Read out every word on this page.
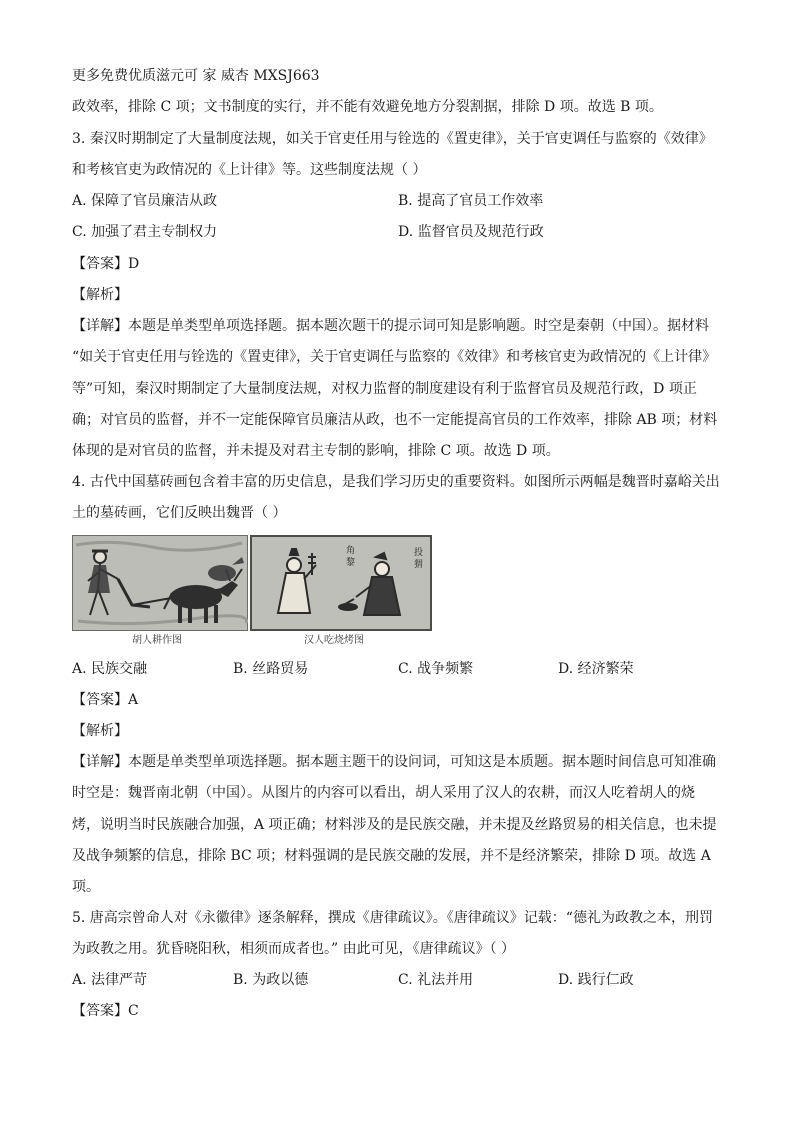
更多免费优质滋元可 家 威杏 MXSJ663
政效率，排除 C 项；文书制度的实行，并不能有效避免地方分裂割据，排除 D 项。故选 B 项。
3. 秦汉时期制定了大量制度法规，如关于官吏任用与铨选的《置吏律》，关于官吏调任与监察的《效律》
和考核官吏为政情况的《上计律》等。这些制度法规（ ）
A. 保障了官员廉洁从政	B. 提高了官员工作效率
C. 加强了君主专制权力	D. 监督官员及规范行政
【答案】D
【解析】
【详解】本题是单类型单项选择题。据本题次题干的提示词可知是影响题。时空是秦朝（中国）。据材料
“如关于官吏任用与铨选的《置吏律》，关于官吏调任与监察的《效律》和考核官吏为政情况的《上计律》
等”可知，秦汉时期制定了大量制度法规，对权力监督的制度建设有利于监督官员及规范行政，D 项正
确；对官员的监督，并不一定能保障官员廉洁从政，也不一定能提高官员的工作效率，排除 AB 项；材料
体现的是对官员的监督，并未提及对君主专制的影响，排除 C 项。故选 D 项。
4. 古代中国墓砖画包含着丰富的历史信息，是我们学习历史的重要资料。如图所示两幅是魏晋时嘉峪关出
土的墓砖画，它们反映出魏晋（ ）
胡人耕作图
角
黎
投
猬
汉人吃烧烤图
A. 民族交融	B. 丝路贸易	C. 战争频繁	D. 经济繁荣
【答案】A
【解析】
【详解】本题是单类型单项选择题。据本题主题干的设问词，可知这是本质题。据本题时间信息可知准确
时空是：魏晋南北朝（中国）。从图片的内容可以看出，胡人采用了汉人的农耕，而汉人吃着胡人的烧
烤，说明当时民族融合加强，A 项正确；材料涉及的是民族交融，并未提及丝路贸易的相关信息，也未提
及战争频繁的信息，排除 BC 项；材料强调的是民族交融的发展，并不是经济繁荣，排除 D 项。故选 A
项。
5. 唐高宗曾命人对《永徽律》逐条解释，撰成《唐律疏议》。《唐律疏议》记载：“德礼为政教之本，刑罚
为政教之用。犹昏晓阳秋，相须而成者也。” 由此可见，《唐律疏议》（ ）
A. 法律严苛	B. 为政以德	C. 礼法并用	D. 践行仁政
【答案】C
